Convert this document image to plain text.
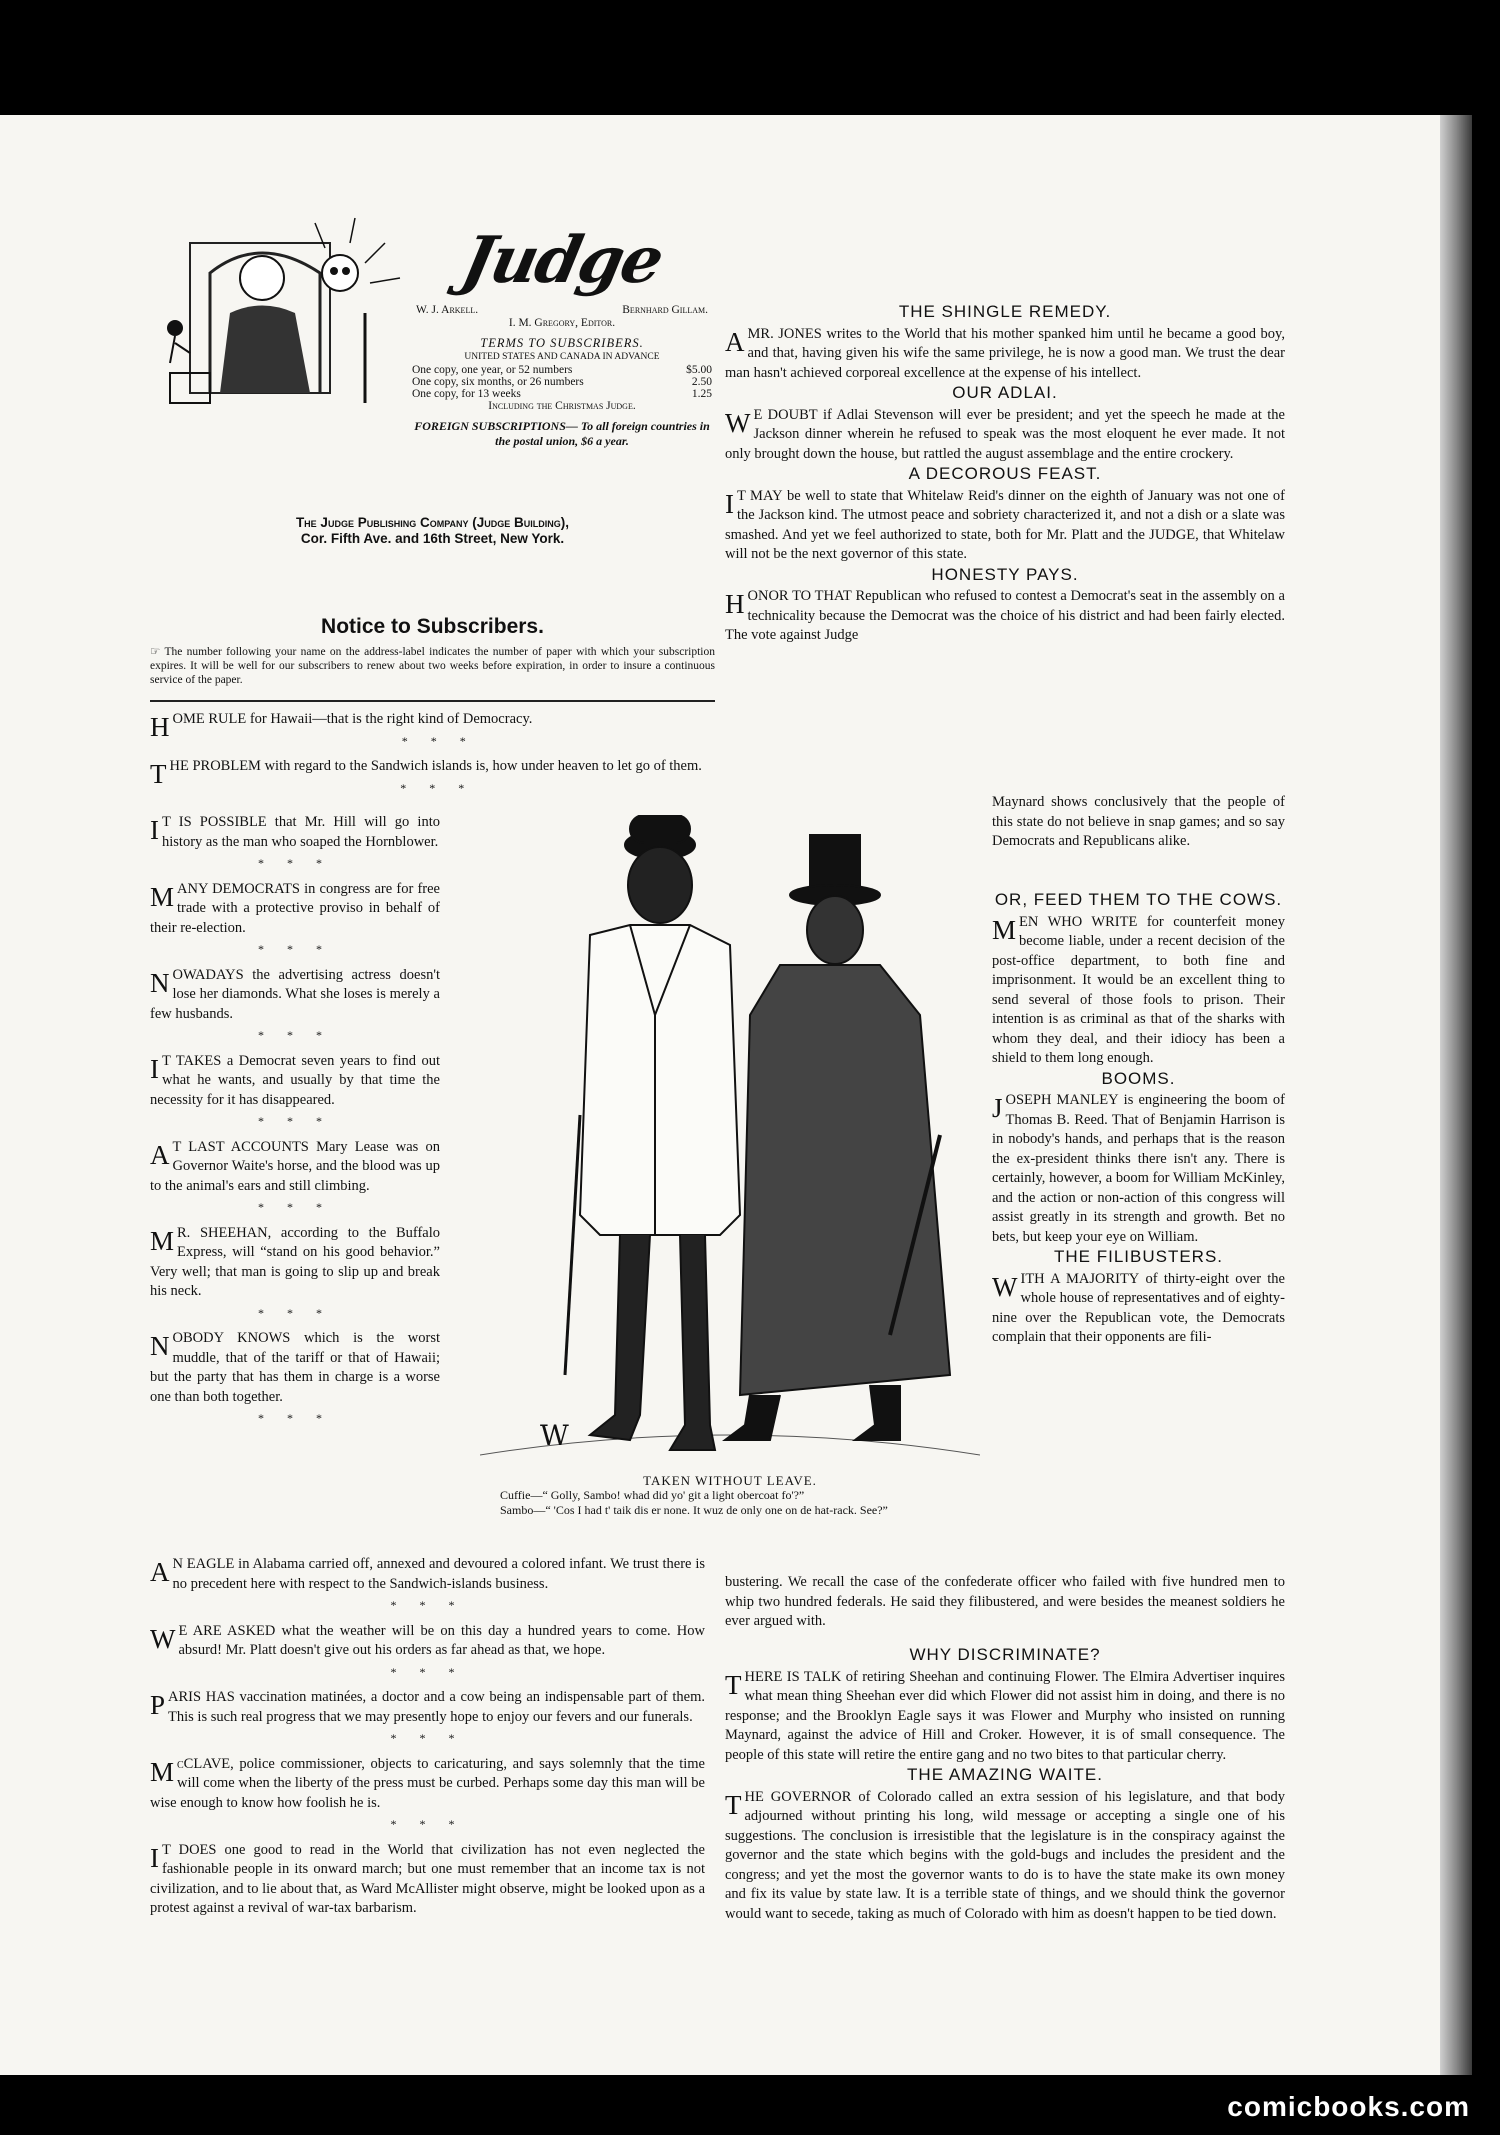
Judge
W. J. Arkell.	Bernhard Gillam.
I. M. Gregory, Editor.
TERMS TO SUBSCRIBERS.
UNITED STATES AND CANADA IN ADVANCE
One copy, one year, or 52 numbers	$5.00
One copy, six months, or 26 numbers	2.50
One copy, for 13 weeks	1.25
Including the Christmas Judge.
FOREIGN SUBSCRIPTIONS— To all foreign countries in the postal union, $6 a year.
The Judge Publishing Company (Judge Building),
Cor. Fifth Ave. and 16th Street, New York.
Notice to Subscribers.
☞ The number following your name on the address-label indicates the number of paper with which your subscription expires. It will be well for our subscribers to renew about two weeks before expiration, in order to insure a continuous service of the paper.

I T IS POSSIBLE that Mr. Hill will go into history as the man who soaped the Hornblower.

* * *

MANY DEMOCRATS in congress are for free trade with a protective proviso in behalf of their re-election.

* * *

NOWADAYS the advertising actress doesn't lose her diamonds. What she loses is merely a few husbands.

* * *

I T TAKES a Democrat seven years to find out what he wants, and usually by that time the necessity for it has disappeared.

* * *

A T LAST ACCOUNTS Mary Lease was on Governor Waite's horse, and the blood was up to the animal's ears and still climbing.

* * *

M R. SHEEHAN, according to the Buffalo Express, will “stand on his good behavior.” Very well; that man is going to slip up and break his neck.

* * *

NOBODY KNOWS which is the worst muddle, that of the tariff or that of Hawaii; but the party that has them in charge is a worse one than both together.

* * *

HOME RULE for Hawaii—that is the right kind of Democracy.

* * *

THE PROBLEM with regard to the Sandwich islands is, how under heaven to let go of them.

* * *
W
TAKEN WITHOUT LEAVE.
Cuffie—“ Golly, Sambo! whad did yo' git a light obercoat fo'?”
Sambo—“ 'Cos I had t' taik dis er none. It wuz de only one on de hat-rack. See?”

A N EAGLE in Alabama carried off, annexed and devoured a colored infant. We trust there is no precedent here with respect to the Sandwich-islands business.

* * *

W E ARE ASKED what the weather will be on this day a hundred years to come. How absurd! Mr. Platt doesn't give out his orders as far ahead as that, we hope.

* * *

PARIS HAS vaccination matinées, a doctor and a cow being an indispensable part of them. This is such real progress that we may presently hope to enjoy our fevers and our funerals.

* * *

McCLAVE, police commissioner, objects to caricaturing, and says solemnly that the time will come when the liberty of the press must be curbed. Perhaps some day this man will be wise enough to know how foolish he is.

* * *

I T DOES one good to read in the World that civilization has not even neglected the fashionable people in its onward march; but one must remember that an income tax is not civilization, and to lie about that, as Ward McAllister might observe, might be looked upon as a protest against a revival of war-tax barbarism.

THE SHINGLE REMEDY.

A MR. JONES writes to the World that his mother spanked him until he became a good boy, and that, having given his wife the same privilege, he is now a good man. We trust the dear man hasn't achieved corporeal excellence at the expense of his intellect.

OUR ADLAI.

W E DOUBT if Adlai Stevenson will ever be president; and yet the speech he made at the Jackson dinner wherein he refused to speak was the most eloquent he ever made. It not only brought down the house, but rattled the august assemblage and the entire crockery.

A DECOROUS FEAST.

I T MAY be well to state that Whitelaw Reid's dinner on the eighth of January was not one of the Jackson kind. The utmost peace and sobriety characterized it, and not a dish or a slate was smashed. And yet we feel authorized to state, both for Mr. Platt and the JUDGE, that Whitelaw will not be the next governor of this state.

HONESTY PAYS.

HONOR TO THAT Republican who refused to contest a Democrat's seat in the assembly on a technicality because the Democrat was the choice of his district and had been fairly elected. The vote against Judge

Maynard shows conclusively that the people of this state do not believe in snap games; and so say Democrats and Republicans alike.

OR, FEED THEM TO THE COWS.

MEN WHO WRITE for counterfeit money become liable, under a recent decision of the post-office department, to both fine and imprisonment. It would be an excellent thing to send several of those fools to prison. Their intention is as criminal as that of the sharks with whom they deal, and their idiocy has been a shield to them long enough.

BOOMS.

JOSEPH MANLEY is engineering the boom of Thomas B. Reed. That of Benjamin Harrison is in nobody's hands, and perhaps that is the reason the ex-president thinks there isn't any. There is certainly, however, a boom for William McKinley, and the action or non-action of this congress will assist greatly in its strength and growth. Bet no bets, but keep your eye on William.

THE FILIBUSTERS.

WITH A MAJORITY of thirty-eight over the whole house of representatives and of eighty-nine over the Republican vote, the Democrats complain that their opponents are fili-

bustering. We recall the case of the confederate officer who failed with five hundred men to whip two hundred federals. He said they filibustered, and were besides the meanest soldiers he ever argued with.

WHY DISCRIMINATE?

THERE IS TALK of retiring Sheehan and continuing Flower. The Elmira Advertiser inquires what mean thing Sheehan ever did which Flower did not assist him in doing, and there is no response; and the Brooklyn Eagle says it was Flower and Murphy who insisted on running Maynard, against the advice of Hill and Croker. However, it is of small consequence. The people of this state will retire the entire gang and no two bites to that particular cherry.

THE AMAZING WAITE.

THE GOVERNOR of Colorado called an extra session of his legislature, and that body adjourned without printing his long, wild message or accepting a single one of his suggestions. The conclusion is irresistible that the legislature is in the conspiracy against the governor and the state which begins with the gold-bugs and includes the president and the congress; and yet the most the governor wants to do is to have the state make its own money and fix its value by state law. It is a terrible state of things, and we should think the governor would want to secede, taking as much of Colorado with him as doesn't happen to be tied down.

comicbooks.com
